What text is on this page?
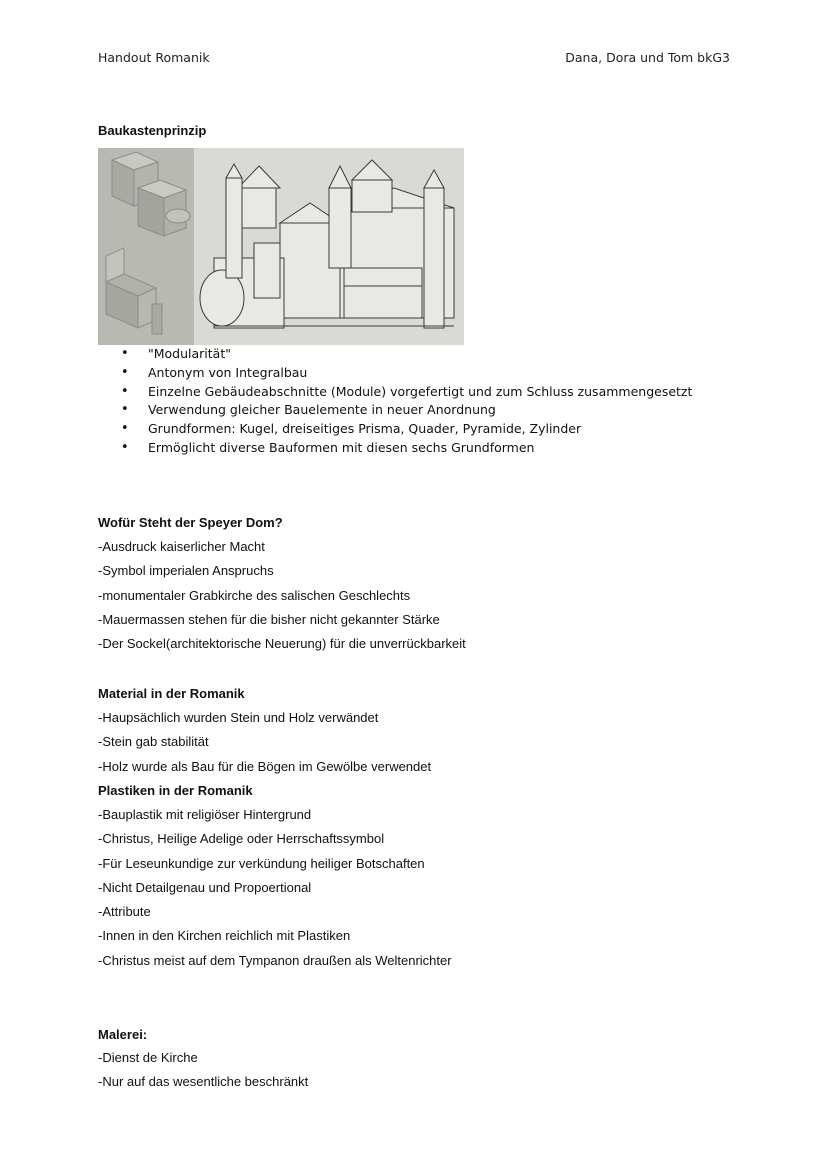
Handout Romanik	Dana, Dora und Tom bkG3
Baukastenprinzip
• "Modularität"
• Antonym von Integralbau
• Einzelne Gebäudeabschnitte (Module) vorgefertigt und zum Schluss zusammengesetzt
• Verwendung gleicher Bauelemente in neuer Anordnung
• Grundformen: Kugel, dreiseitiges Prisma, Quader, Pyramide, Zylinder
• Ermöglicht diverse Bauformen mit diesen sechs Grundformen
Wofür Steht der Speyer Dom?
-Ausdruck kaiserlicher Macht
-Symbol imperialen Anspruchs
-monumentaler Grabkirche des salischen Geschlechts
-Mauermassen stehen für die bisher nicht gekannter Stärke
-Der Sockel(architektorische Neuerung) für die unverrückbarkeit
Material in der Romanik
-Haupsächlich wurden Stein und Holz verwändet
-Stein gab stabilität
-Holz wurde als Bau für die Bögen im Gewölbe verwendet
Plastiken in der Romanik
-Bauplastik mit religiöser Hintergrund
-Christus, Heilige Adelige oder Herrschaftssymbol
-Für Leseunkundige zur verkündung heiliger Botschaften
-Nicht Detailgenau und Propoertional
-Attribute
-Innen in den Kirchen reichlich mit Plastiken
-Christus meist auf dem Tympanon draußen als Weltenrichter
Malerei:
-Dienst de Kirche
-Nur auf das wesentliche beschränkt
